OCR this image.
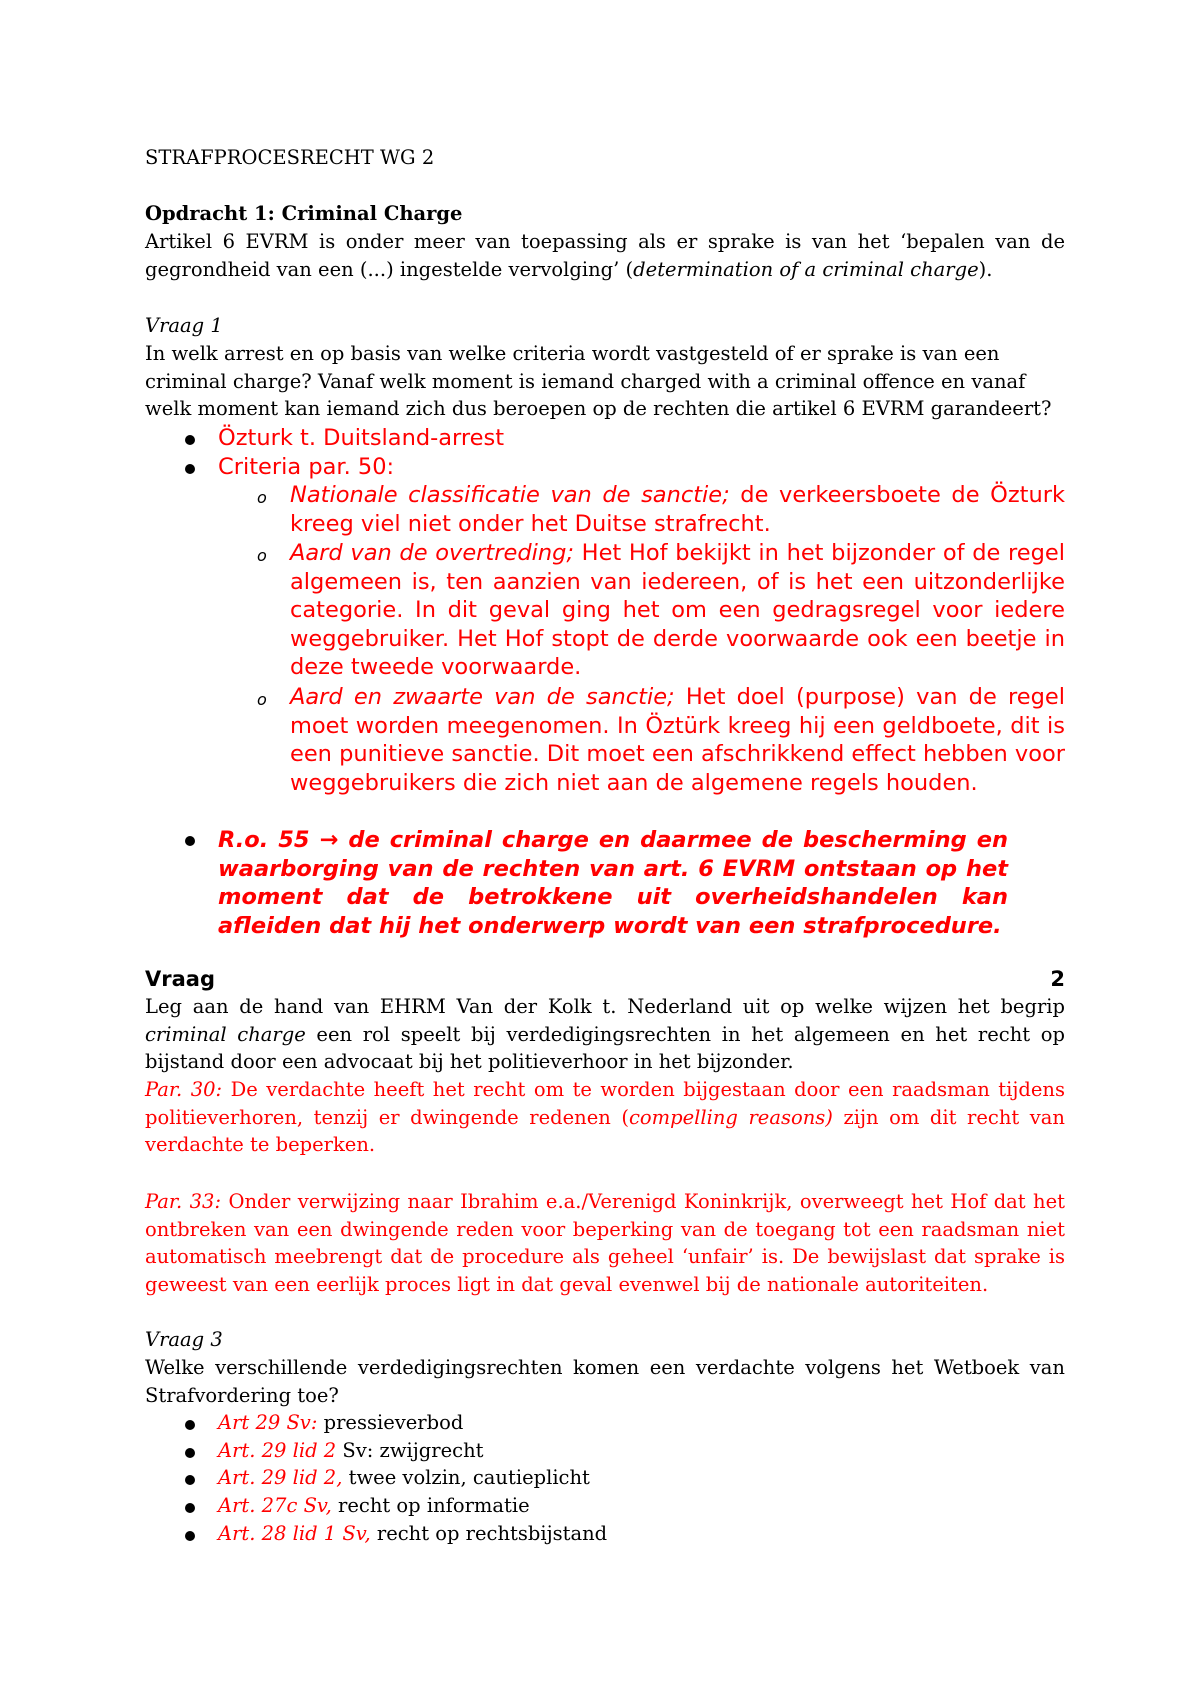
STRAFPROCESRECHT WG 2
Opdracht 1: Criminal Charge
Artikel 6 EVRM is onder meer van toepassing als er sprake is van het ‘bepalen van de gegrondheid van een (...) ingestelde vervolging’ (determination of a criminal charge).
Vraag 1
In welk arrest en op basis van welke criteria wordt vastgesteld of er sprake is van een criminal charge? Vanaf welk moment is iemand charged with a criminal offence en vanaf welk moment kan iemand zich dus beroepen op de rechten die artikel 6 EVRM garandeert?
Özturk t. Duitsland-arrest
Criteria par. 50:
o Nationale classificatie van de sanctie; de verkeersboete de Özturk kreeg viel niet onder het Duitse strafrecht.
o Aard van de overtreding; Het Hof bekijkt in het bijzonder of de regel algemeen is, ten aanzien van iedereen, of is het een uitzonderlijke categorie. In dit geval ging het om een gedragsregel voor iedere weggebruiker. Het Hof stopt de derde voorwaarde ook een beetje in deze tweede voorwaarde.
o Aard en zwaarte van de sanctie; Het doel (purpose) van de regel moet worden meegenomen. In Öztürk kreeg hij een geldboete, dit is een punitieve sanctie. Dit moet een afschrikkend effect hebben voor weggebruikers die zich niet aan de algemene regels houden.
R.o. 55 → de criminal charge en daarmee de bescherming en waarborging van de rechten van art. 6 EVRM ontstaan op het moment dat de betrokkene uit overheidshandelen kan afleiden dat hij het onderwerp wordt van een strafprocedure.
Vraag	2
Leg aan de hand van EHRM Van der Kolk t. Nederland uit op welke wijzen het begrip criminal charge een rol speelt bij verdedigingsrechten in het algemeen en het recht op bijstand door een advocaat bij het politieverhoor in het bijzonder.
Par. 30: De verdachte heeft het recht om te worden bijgestaan door een raadsman tijdens politieverhoren, tenzij er dwingende redenen (compelling reasons) zijn om dit recht van verdachte te beperken.
Par. 33: Onder verwijzing naar Ibrahim e.a./Verenigd Koninkrijk, overweegt het Hof dat het ontbreken van een dwingende reden voor beperking van de toegang tot een raadsman niet automatisch meebrengt dat de procedure als geheel ‘unfair’ is. De bewijslast dat sprake is geweest van een eerlijk proces ligt in dat geval evenwel bij de nationale autoriteiten.
Vraag 3
Welke verschillende verdedigingsrechten komen een verdachte volgens het Wetboek van Strafvordering toe?
Art 29 Sv: pressieverbod
Art. 29 lid 2 Sv: zwijgrecht
Art. 29 lid 2, twee volzin, cautieplicht
Art. 27c Sv, recht op informatie
Art. 28 lid 1 Sv, recht op rechtsbijstand
